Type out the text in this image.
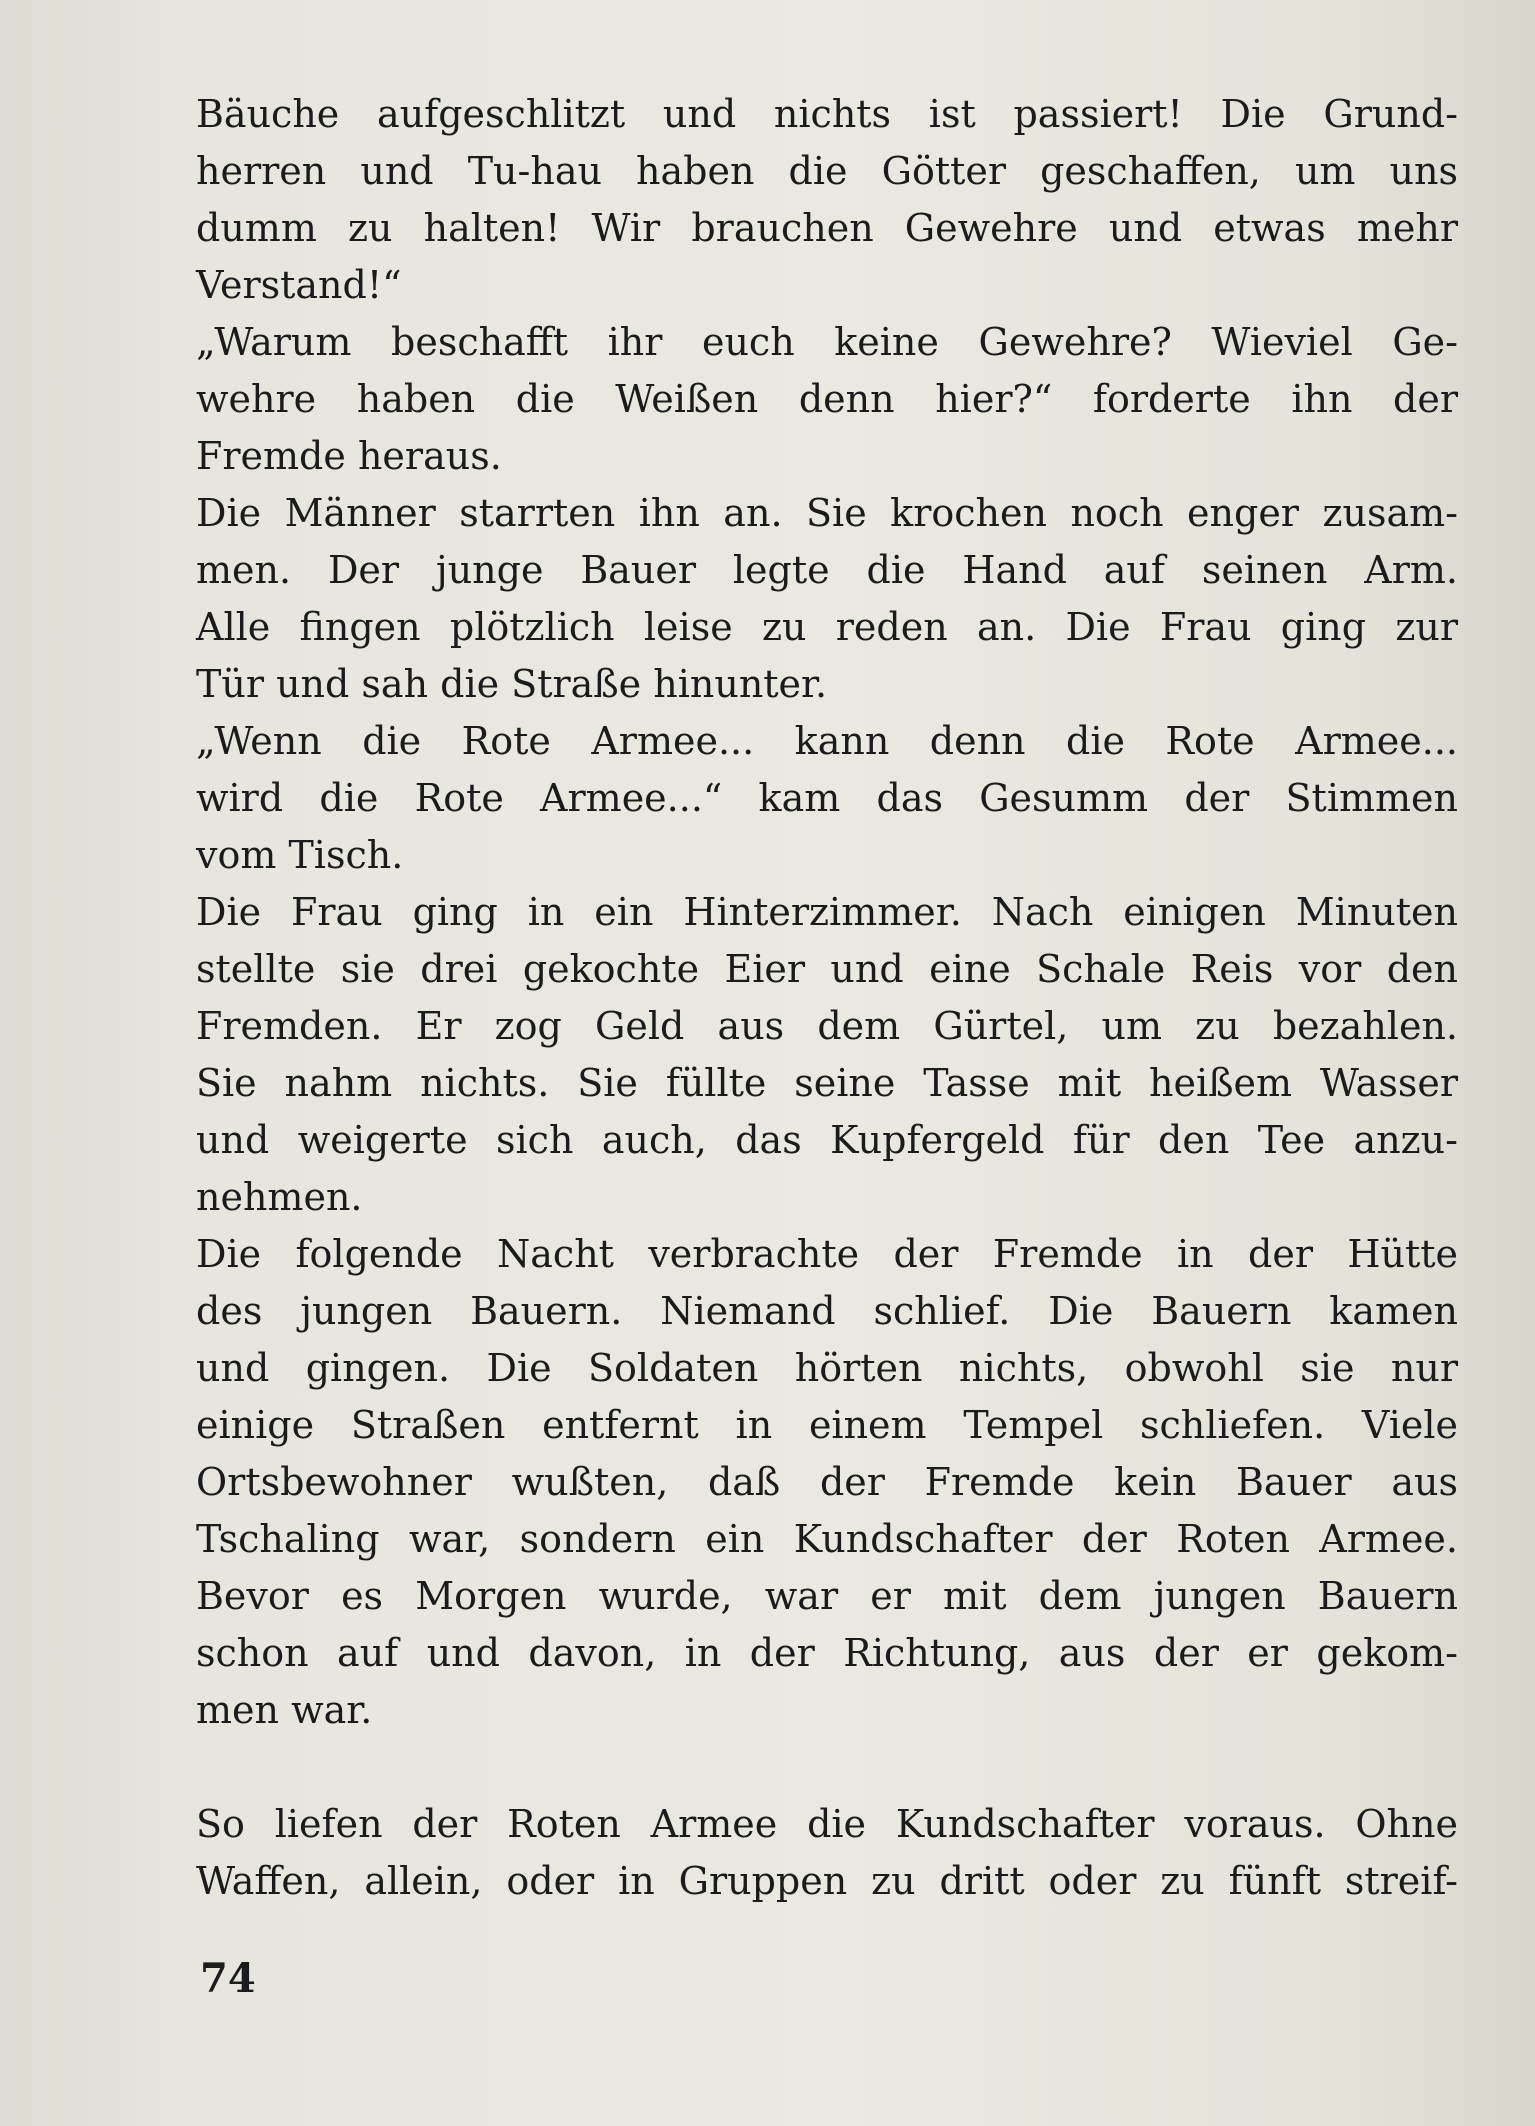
Bäuche aufgeschlitzt und nichts ist passiert! Die Grund-
herren und Tu-hau haben die Götter geschaffen, um uns
dumm zu halten! Wir brauchen Gewehre und etwas mehr
Verstand!“
„Warum beschafft ihr euch keine Gewehre? Wieviel Ge-
wehre haben die Weißen denn hier?“ forderte ihn der
Fremde heraus.
Die Männer starrten ihn an. Sie krochen noch enger zusam-
men. Der junge Bauer legte die Hand auf seinen Arm.
Alle fingen plötzlich leise zu reden an. Die Frau ging zur
Tür und sah die Straße hinunter.
„Wenn die Rote Armee... kann denn die Rote Armee...
wird die Rote Armee...“ kam das Gesumm der Stimmen
vom Tisch.
Die Frau ging in ein Hinterzimmer. Nach einigen Minuten
stellte sie drei gekochte Eier und eine Schale Reis vor den
Fremden. Er zog Geld aus dem Gürtel, um zu bezahlen.
Sie nahm nichts. Sie füllte seine Tasse mit heißem Wasser
und weigerte sich auch, das Kupfergeld für den Tee anzu-
nehmen.
Die folgende Nacht verbrachte der Fremde in der Hütte
des jungen Bauern. Niemand schlief. Die Bauern kamen
und gingen. Die Soldaten hörten nichts, obwohl sie nur
einige Straßen entfernt in einem Tempel schliefen. Viele
Ortsbewohner wußten, daß der Fremde kein Bauer aus
Tschaling war, sondern ein Kundschafter der Roten Armee.
Bevor es Morgen wurde, war er mit dem jungen Bauern
schon auf und davon, in der Richtung, aus der er gekom-
men war.
So liefen der Roten Armee die Kundschafter voraus. Ohne
Waffen, allein, oder in Gruppen zu dritt oder zu fünft streif-
74
